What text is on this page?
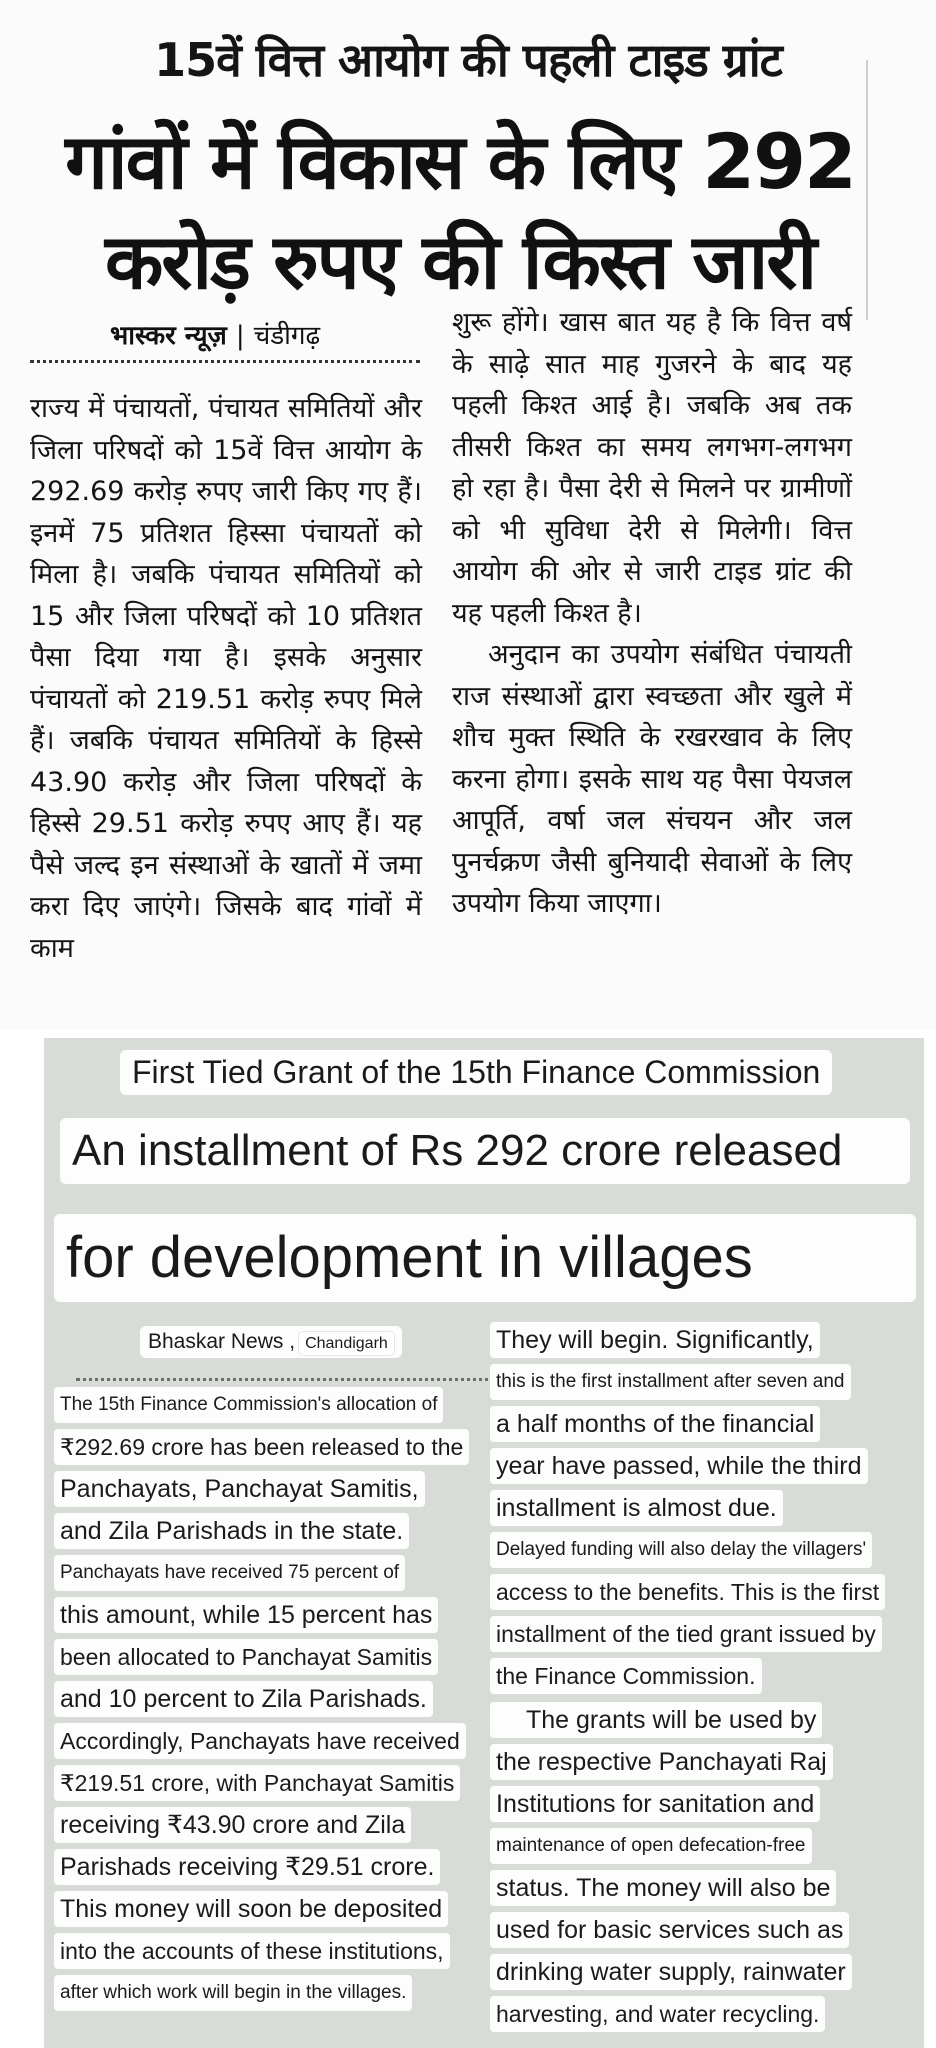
15वें वित्त आयोग की पहली टाइड ग्रांट
गांवों में विकास के लिए 292
करोड़ रुपए की किस्त जारी
भास्कर न्यूज़ | चंडीगढ़

राज्य में पंचायतों, पंचायत समितियों और जिला परिषदों को 15वें वित्त आयोग के 292.69 करोड़ रुपए जारी किए गए हैं। इनमें 75 प्रतिशत हिस्सा पंचायतों को मिला है। जबकि पंचायत समितियों को 15 और जिला परिषदों को 10 प्रतिशत पैसा दिया गया है। इसके अनुसार पंचायतों को 219.51 करोड़ रुपए मिले हैं। जबकि पंचायत समितियों के हिस्से 43.90 करोड़ और जिला परिषदों के हिस्से 29.51 करोड़ रुपए आए हैं। यह पैसे जल्द इन संस्थाओं के खातों में जमा करा दिए जाएंगे। जिसके बाद गांवों में काम

शुरू होंगे। खास बात यह है कि वित्त वर्ष के साढ़े सात माह गुजरने के बाद यह पहली किश्त आई है। जबकि अब तक तीसरी किश्त का समय लगभग-लगभग हो रहा है। पैसा देरी से मिलने पर ग्रामीणों को भी सुविधा देरी से मिलेगी। वित्त आयोग की ओर से जारी टाइड ग्रांट की यह पहली किश्त है।

अनुदान का उपयोग संबंधित पंचायती राज संस्थाओं द्वारा स्वच्छता और खुले में शौच मुक्त स्थिति के रखरखाव के लिए करना होगा। इसके साथ यह पैसा पेयजल आपूर्ति, वर्षा जल संचयन और जल पुनर्चक्रण जैसी बुनियादी सेवाओं के लिए उपयोग किया जाएगा।

First Tied Grant of the 15th Finance Commission
An installment of Rs 292 crore released
for development in villages
Bhaskar News , Chandigarh
The 15th Finance Commission's allocation of
₹292.69 crore has been released to the
Panchayats, Panchayat Samitis,
and Zila Parishads in the state.
Panchayats have received 75 percent of
this amount, while 15 percent has
been allocated to Panchayat Samitis
and 10 percent to Zila Parishads.
Accordingly, Panchayats have received
₹219.51 crore, with Panchayat Samitis
receiving ₹43.90 crore and Zila
Parishads receiving ₹29.51 crore.
This money will soon be deposited
into the accounts of these institutions,
after which work will begin in the villages.
They will begin. Significantly,
this is the first installment after seven and
a half months of the financial
year have passed, while the third
installment is almost due.
Delayed funding will also delay the villagers'
access to the benefits. This is the first
installment of the tied grant issued by
the Finance Commission.
The grants will be used by
the respective Panchayati Raj
Institutions for sanitation and
maintenance of open defecation-free
status. The money will also be
used for basic services such as
drinking water supply, rainwater
harvesting, and water recycling.
